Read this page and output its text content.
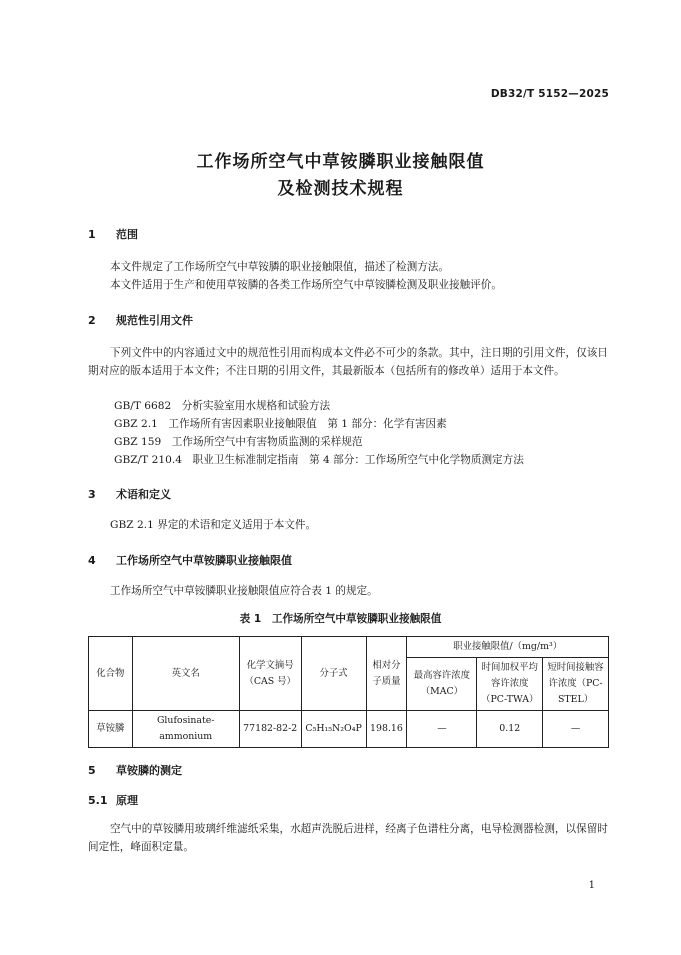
DB32/T 5152—2025
工作场所空气中草铵膦职业接触限值
及检测技术规程
1 范围
本文件规定了工作场所空气中草铵膦的职业接触限值，描述了检测方法。
本文件适用于生产和使用草铵膦的各类工作场所空气中草铵膦检测及职业接触评价。
2 规范性引用文件
下列文件中的内容通过文中的规范性引用而构成本文件必不可少的条款。其中，注日期的引用文件，仅该日期对应的版本适用于本文件；不注日期的引用文件，其最新版本（包括所有的修改单）适用于本文件。
GB/T 6682　分析实验室用水规格和试验方法
GBZ 2.1　工作场所有害因素职业接触限值　第 1 部分：化学有害因素
GBZ 159　工作场所空气中有害物质监测的采样规范
GBZ/T 210.4　职业卫生标准制定指南　第 4 部分：工作场所空气中化学物质测定方法
3 术语和定义
GBZ 2.1 界定的术语和定义适用于本文件。
4 工作场所空气中草铵膦职业接触限值
工作场所空气中草铵膦职业接触限值应符合表 1 的规定。
表 1　工作场所空气中草铵膦职业接触限值
化合物	英文名	化学文摘号（CAS 号）	分子式	相对分子质量	职业接触限值/（mg/m³）		
					最高容许浓度（MAC）	时间加权平均容许浓度（PC-TWA）	短时间接触容许浓度（PC-STEL）
草铵膦	Glufosinate-ammonium	77182-82-2	C₅H₁₅N₂O₄P	198.16	—	0.12	—
5 草铵膦的测定
5.1 原理
空气中的草铵膦用玻璃纤维滤纸采集，水超声洗脱后进样，经离子色谱柱分离，电导检测器检测，以保留时间定性，峰面积定量。
1
